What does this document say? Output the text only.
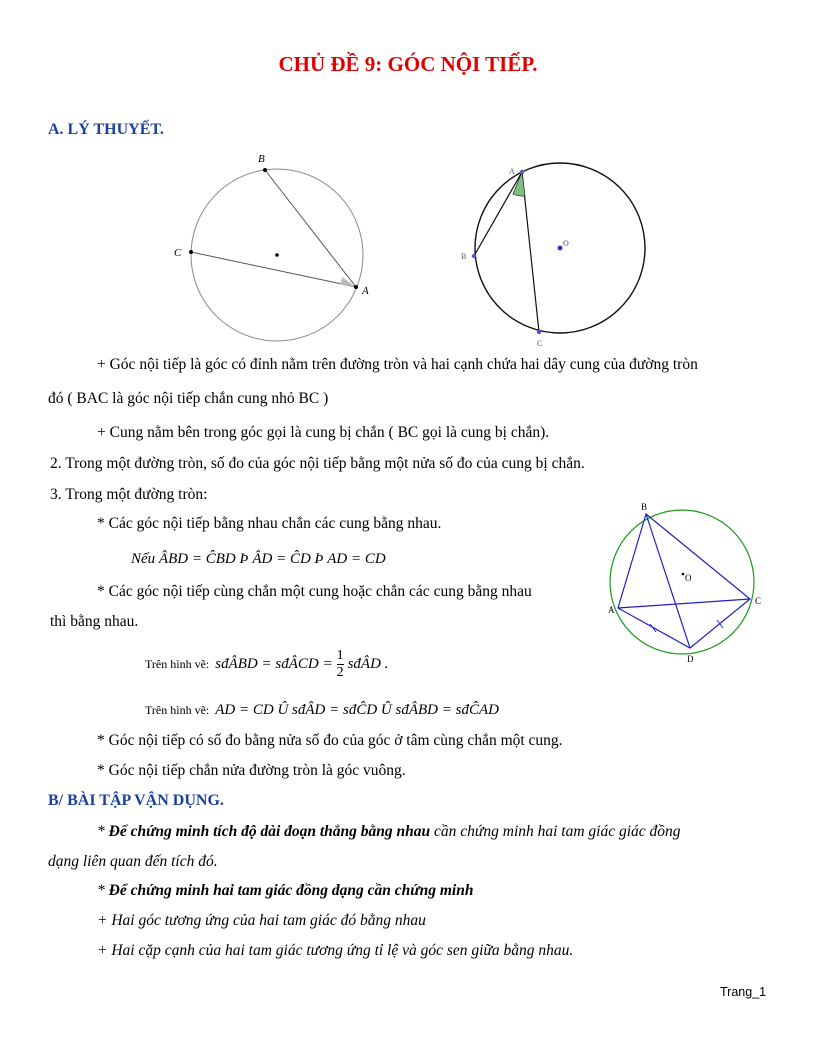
CHỦ ĐỀ 9: GÓC NỘI TIẾP.
A. LÝ THUYẾT.
B
C
A
A
B
C
O
+ Góc nội tiếp là góc có đỉnh nằm trên đường tròn và hai cạnh chứa hai dây cung của đường tròn
đó ( BAC là góc nội tiếp chắn cung nhỏ BC )
+ Cung nằm bên trong góc gọi là cung bị chắn ( BC gọi là cung bị chắn).
2. Trong một đường tròn, số đo của góc nội tiếp bằng một nửa số đo của cung bị chắn.
3. Trong một đường tròn:
* Các góc nội tiếp bằng nhau chắn các cung bằng nhau.
Nếu ÂBD = ĈBD Þ ÂD = ĈD Þ AD = CD
* Các góc nội tiếp cùng chắn một cung hoặc chắn các cung bằng nhau
thì bằng nhau.
Trên hình vẽ: sđÂBD = sđÂCD = $\frac{1}{2}$ sđÂD .
Trên hình vẽ: AD = CD Û sđÂD = sđĈD Û sđÂBD = sđĈAD
* Góc nội tiếp có số đo bằng nửa số đo của góc ở tâm cùng chắn một cung.
* Góc nội tiếp chắn nửa đường tròn là góc vuông.
B
C
A
D
O
B/ BÀI TẬP VẬN DỤNG.
* Để chứng minh tích độ dài đoạn thẳng bằng nhau cần chứng minh hai tam giác giác đồng
dạng liên quan đến tích đó.
* Để chứng minh hai tam giác đồng dạng cần chứng minh
+ Hai góc tương ứng của hai tam giác đó bằng nhau
+ Hai cặp cạnh của hai tam giác tương ứng tỉ lệ và góc sen giữa bằng nhau.
Trang_1
